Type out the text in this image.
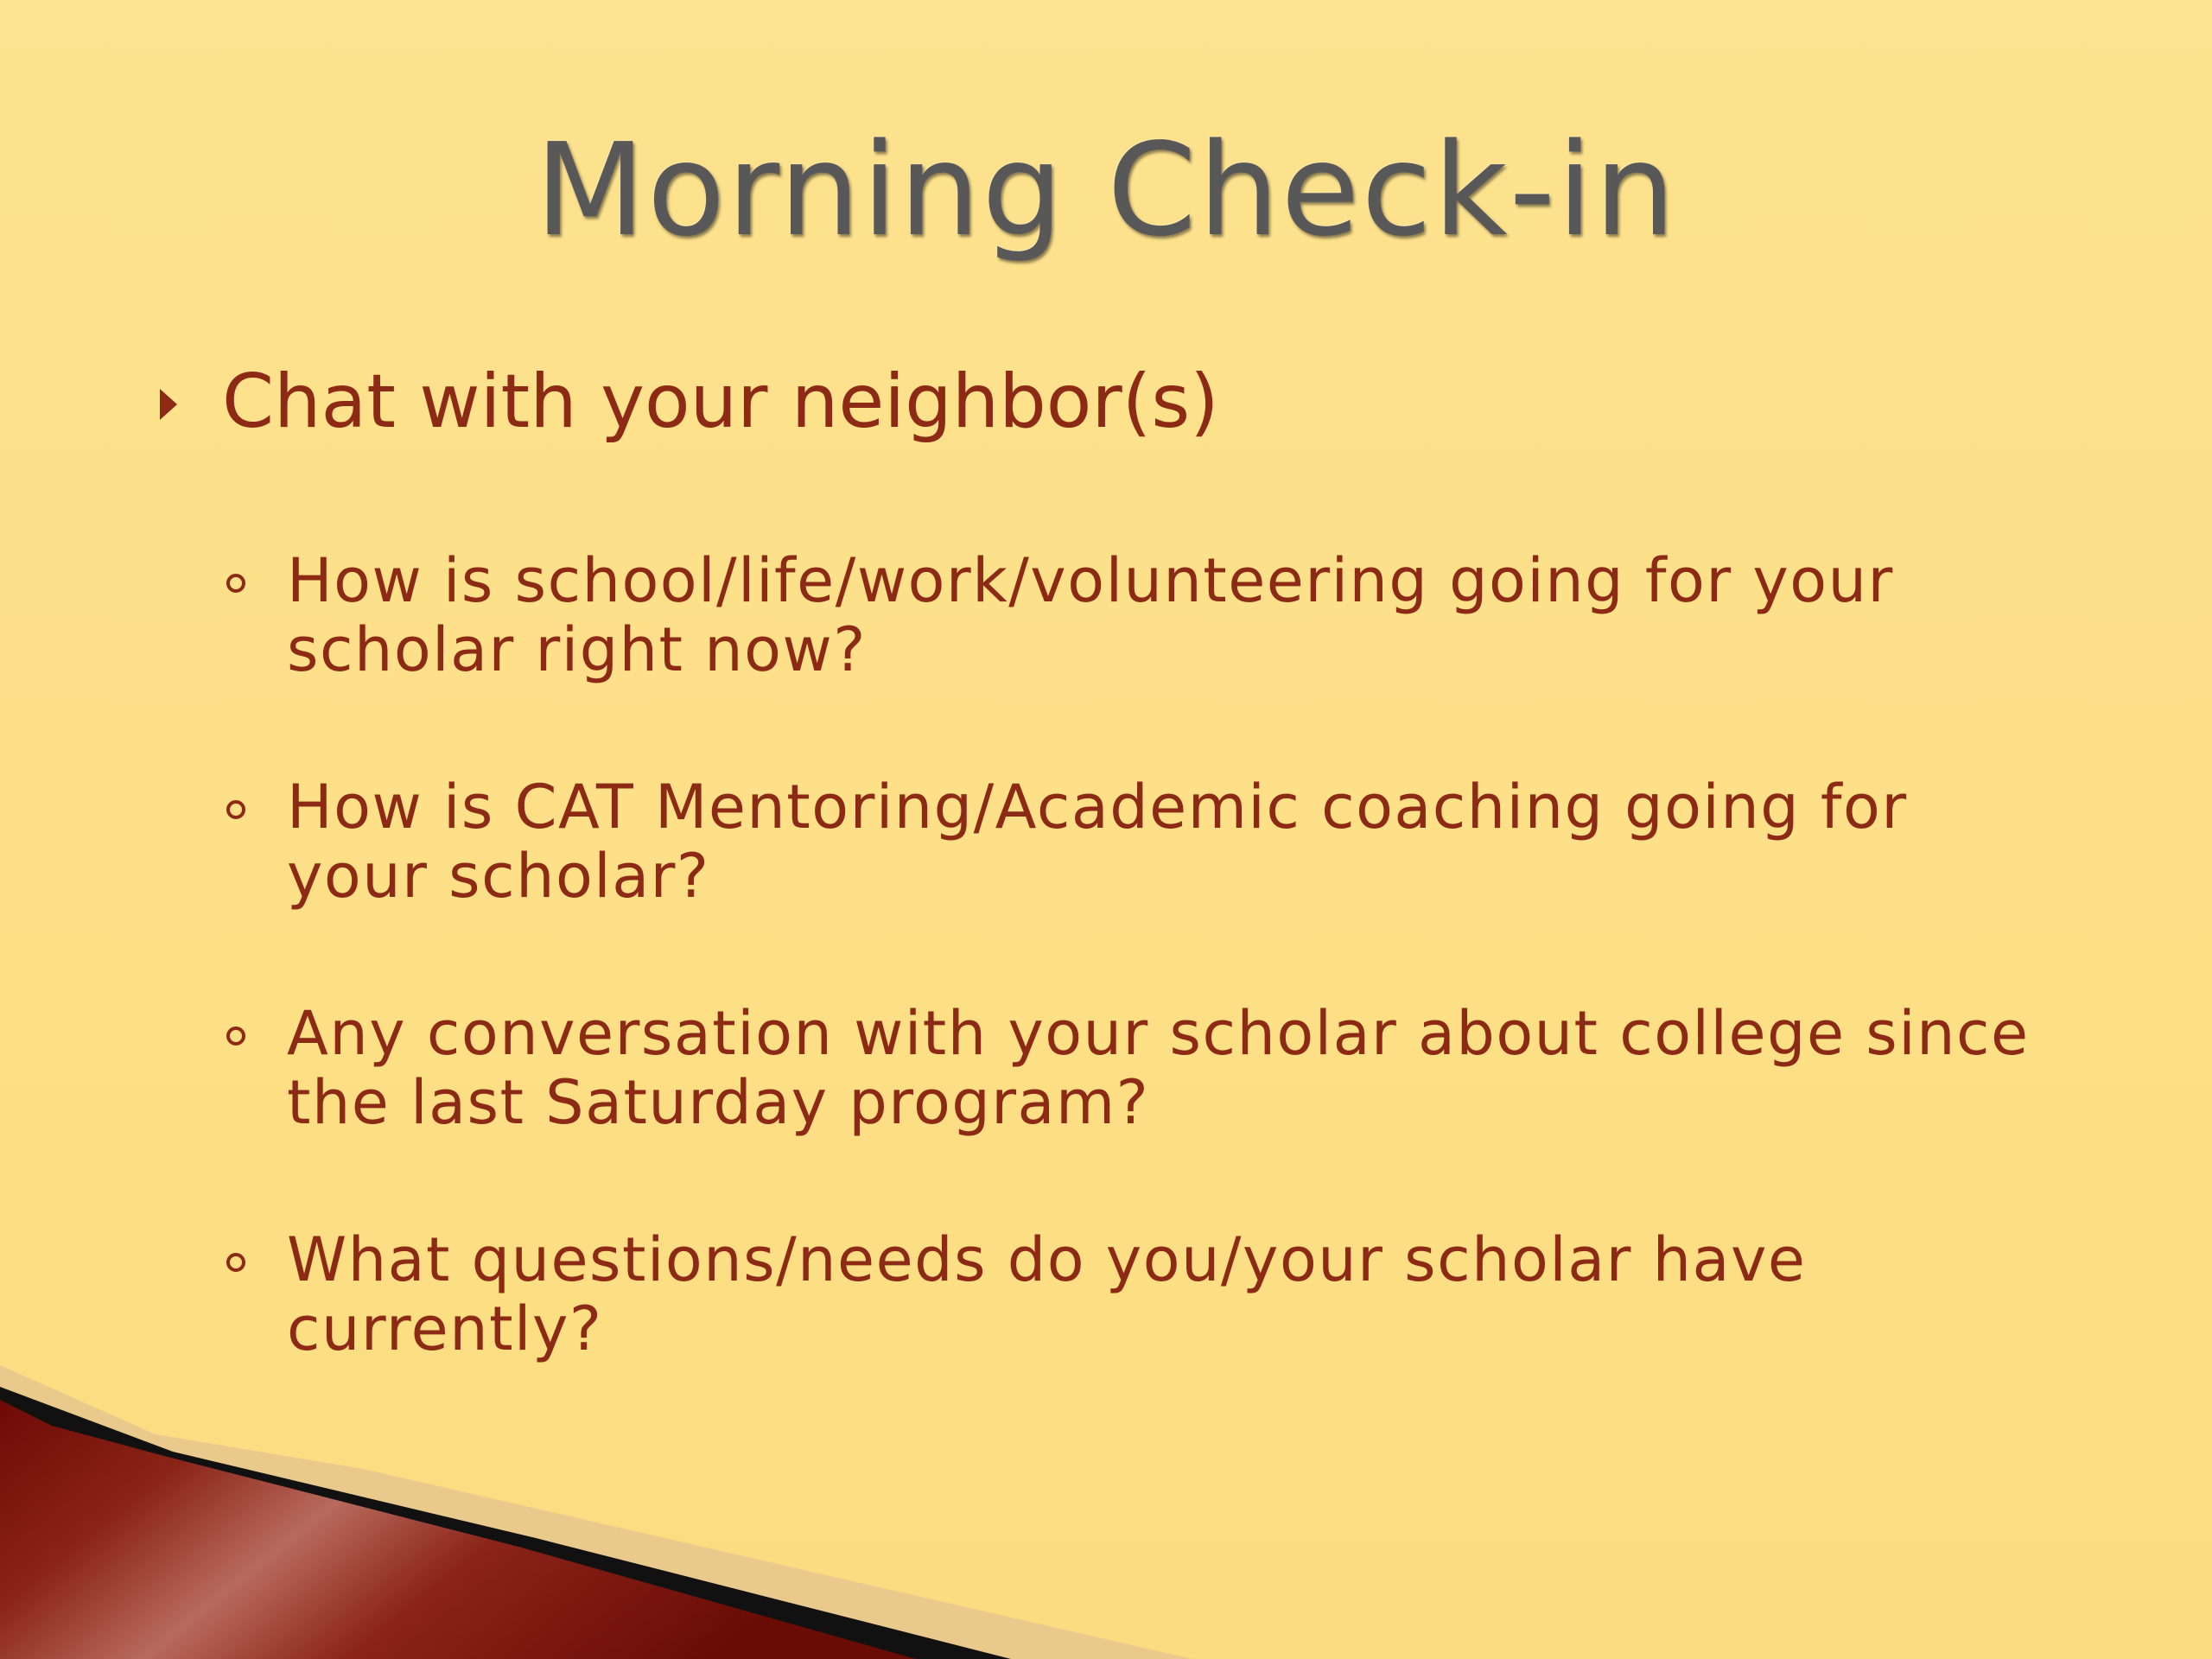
Morning Check-in
Chat with your neighbor(s)
How is school/life/work/volunteering going for your scholar right now?
How is CAT Mentoring/Academic coaching going for your scholar?
Any conversation with your scholar about college since the last Saturday program?
What questions/needs do you/your scholar have currently?
